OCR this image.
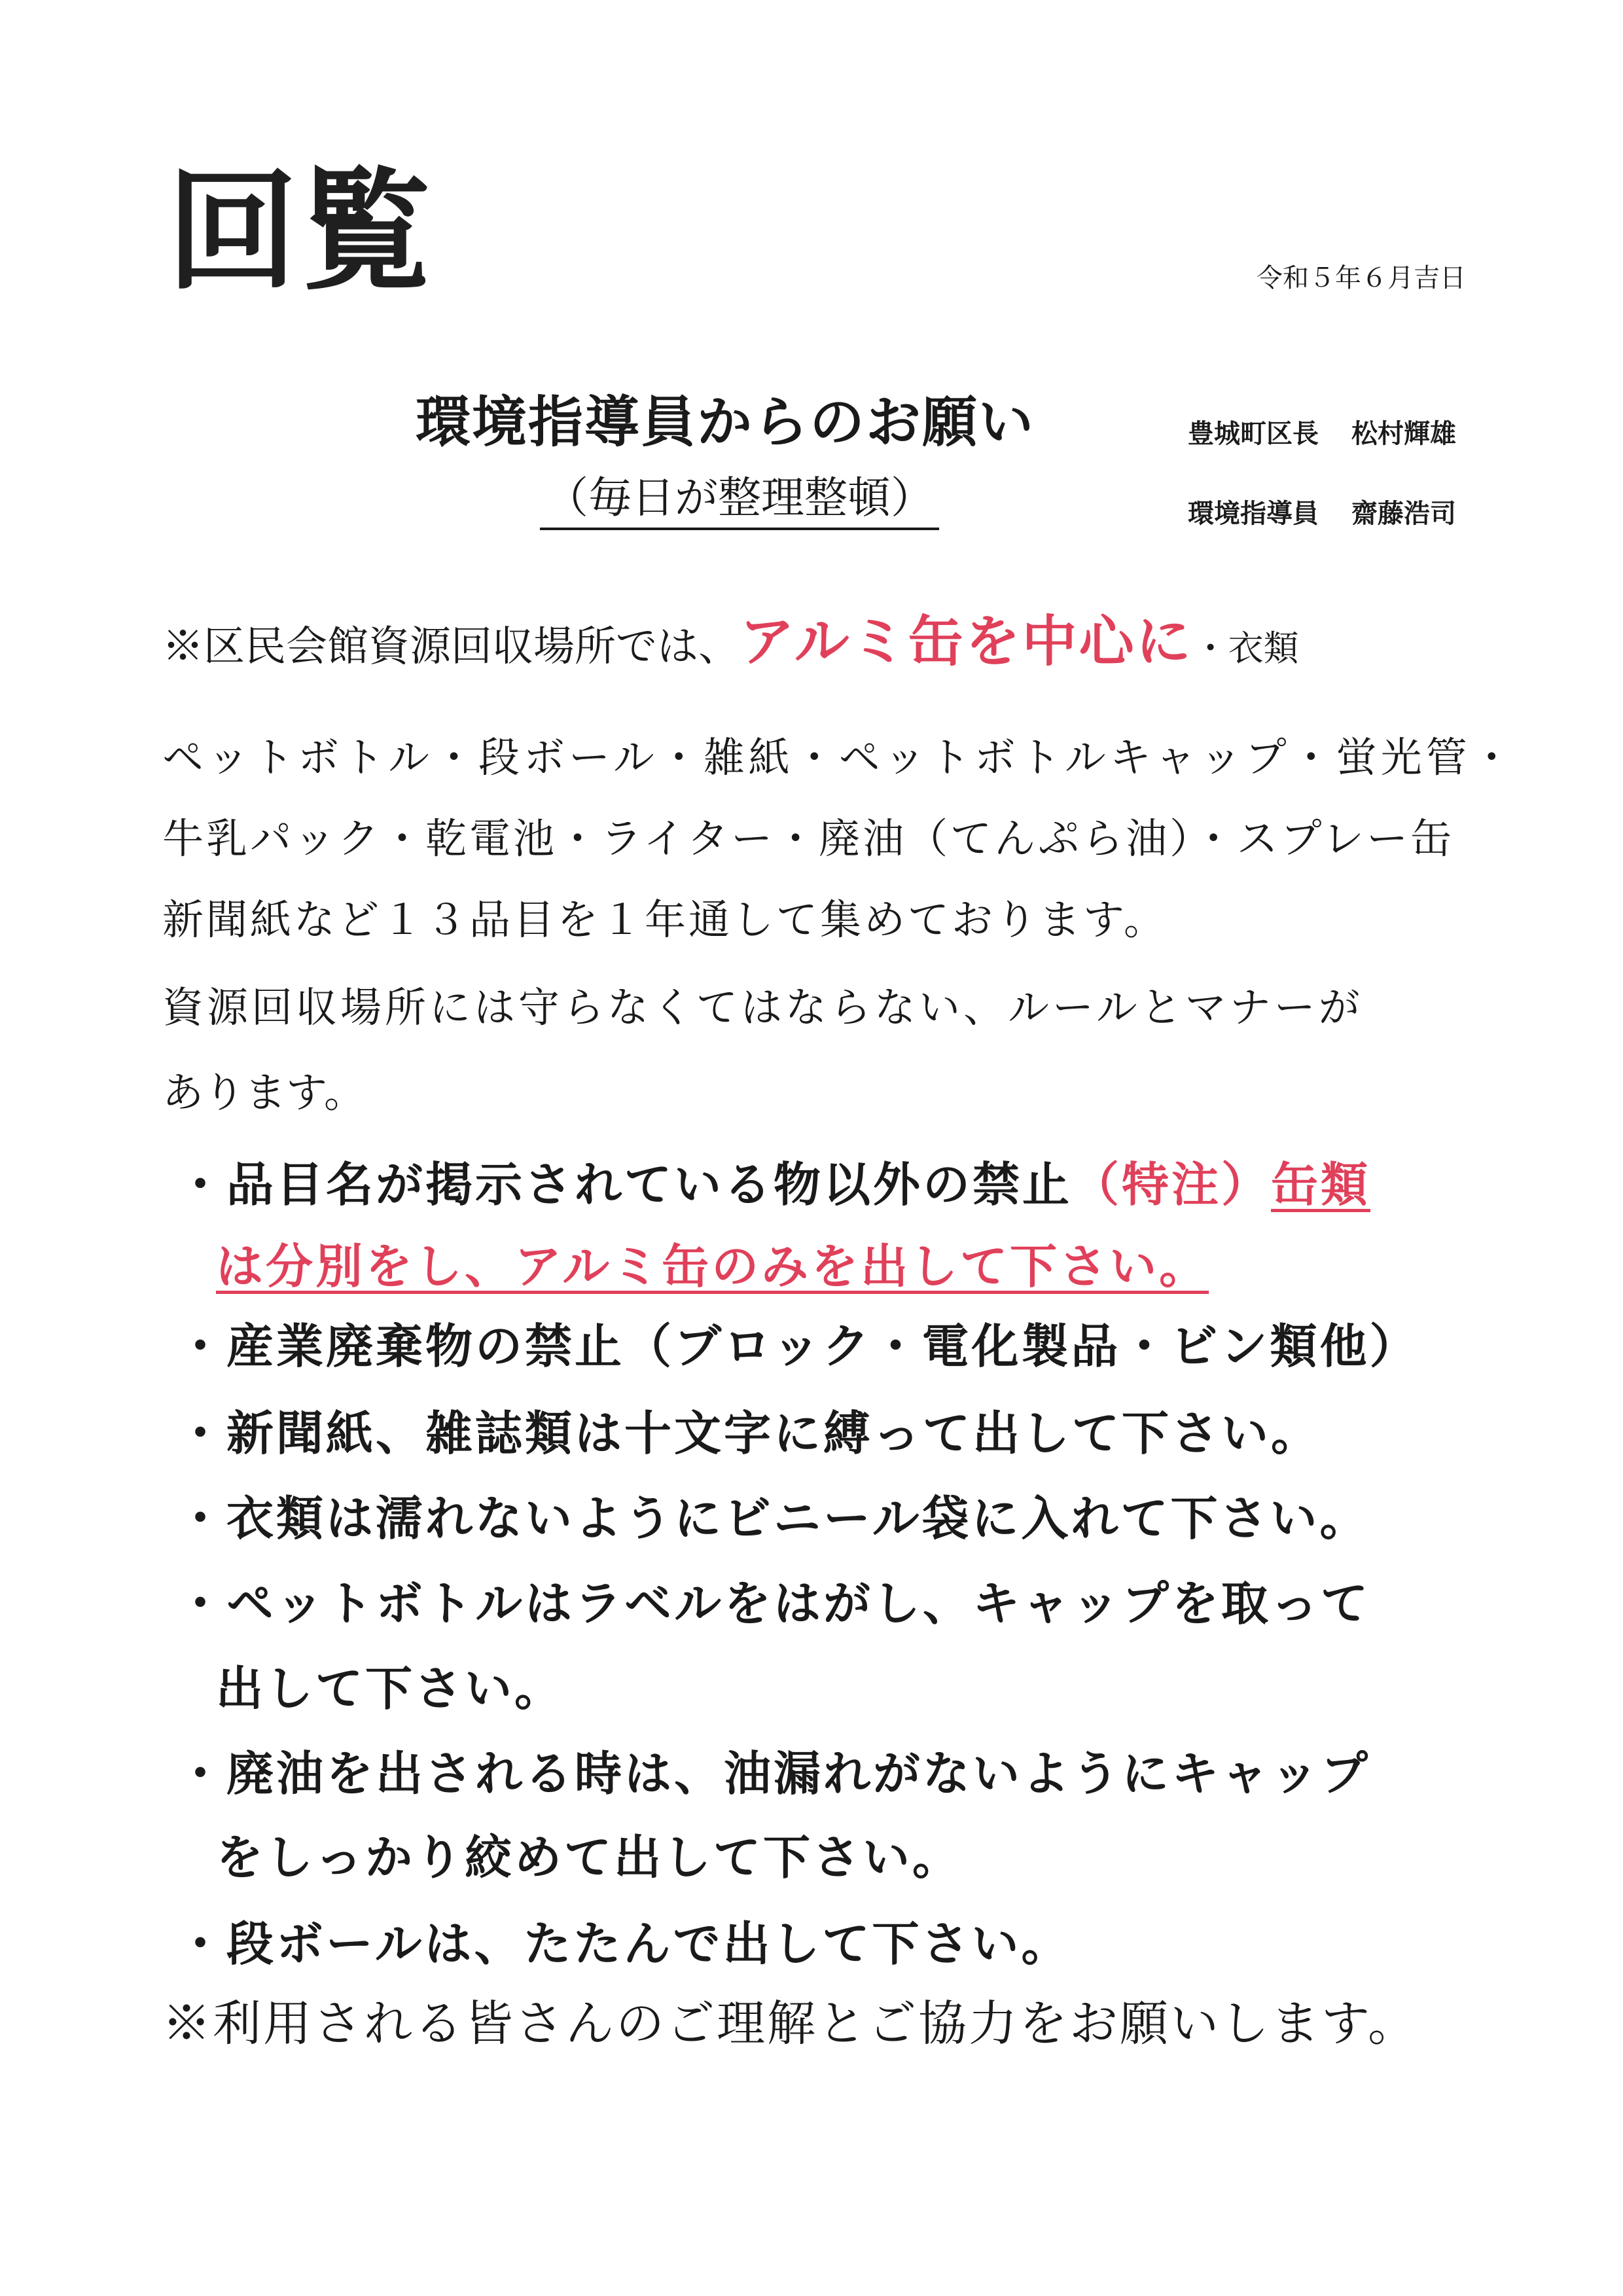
回覧	令和５年６月吉日
環境指導員からのお願い
（毎日が整理整頓）
豊城町区長 松村輝雄
環境指導員 齋藤浩司
※区民会館資源回収場所では、アルミ缶を中心に・衣類
ペットボトル・段ボール・雑紙・ペットボトルキャップ・蛍光管・
牛乳パック・乾電池・ライター・廃油（てんぷら油）・スプレー缶
新聞紙など１３品目を１年通して集めております。
資源回収場所には守らなくてはならない、ルールとマナーが
あります。
・品目名が掲示されている物以外の禁止（特注）缶類
は分別をし、アルミ缶のみを出して下さい。
・産業廃棄物の禁止（ブロック・電化製品・ビン類他）
・新聞紙、雑誌類は十文字に縛って出して下さい。
・衣類は濡れないようにビニール袋に入れて下さい。
・ペットボトルはラベルをはがし、キャップを取って
出して下さい。
・廃油を出される時は、油漏れがないようにキャップ
をしっかり絞めて出して下さい。
・段ボールは、たたんで出して下さい。
※利用される皆さんのご理解とご協力をお願いします。
